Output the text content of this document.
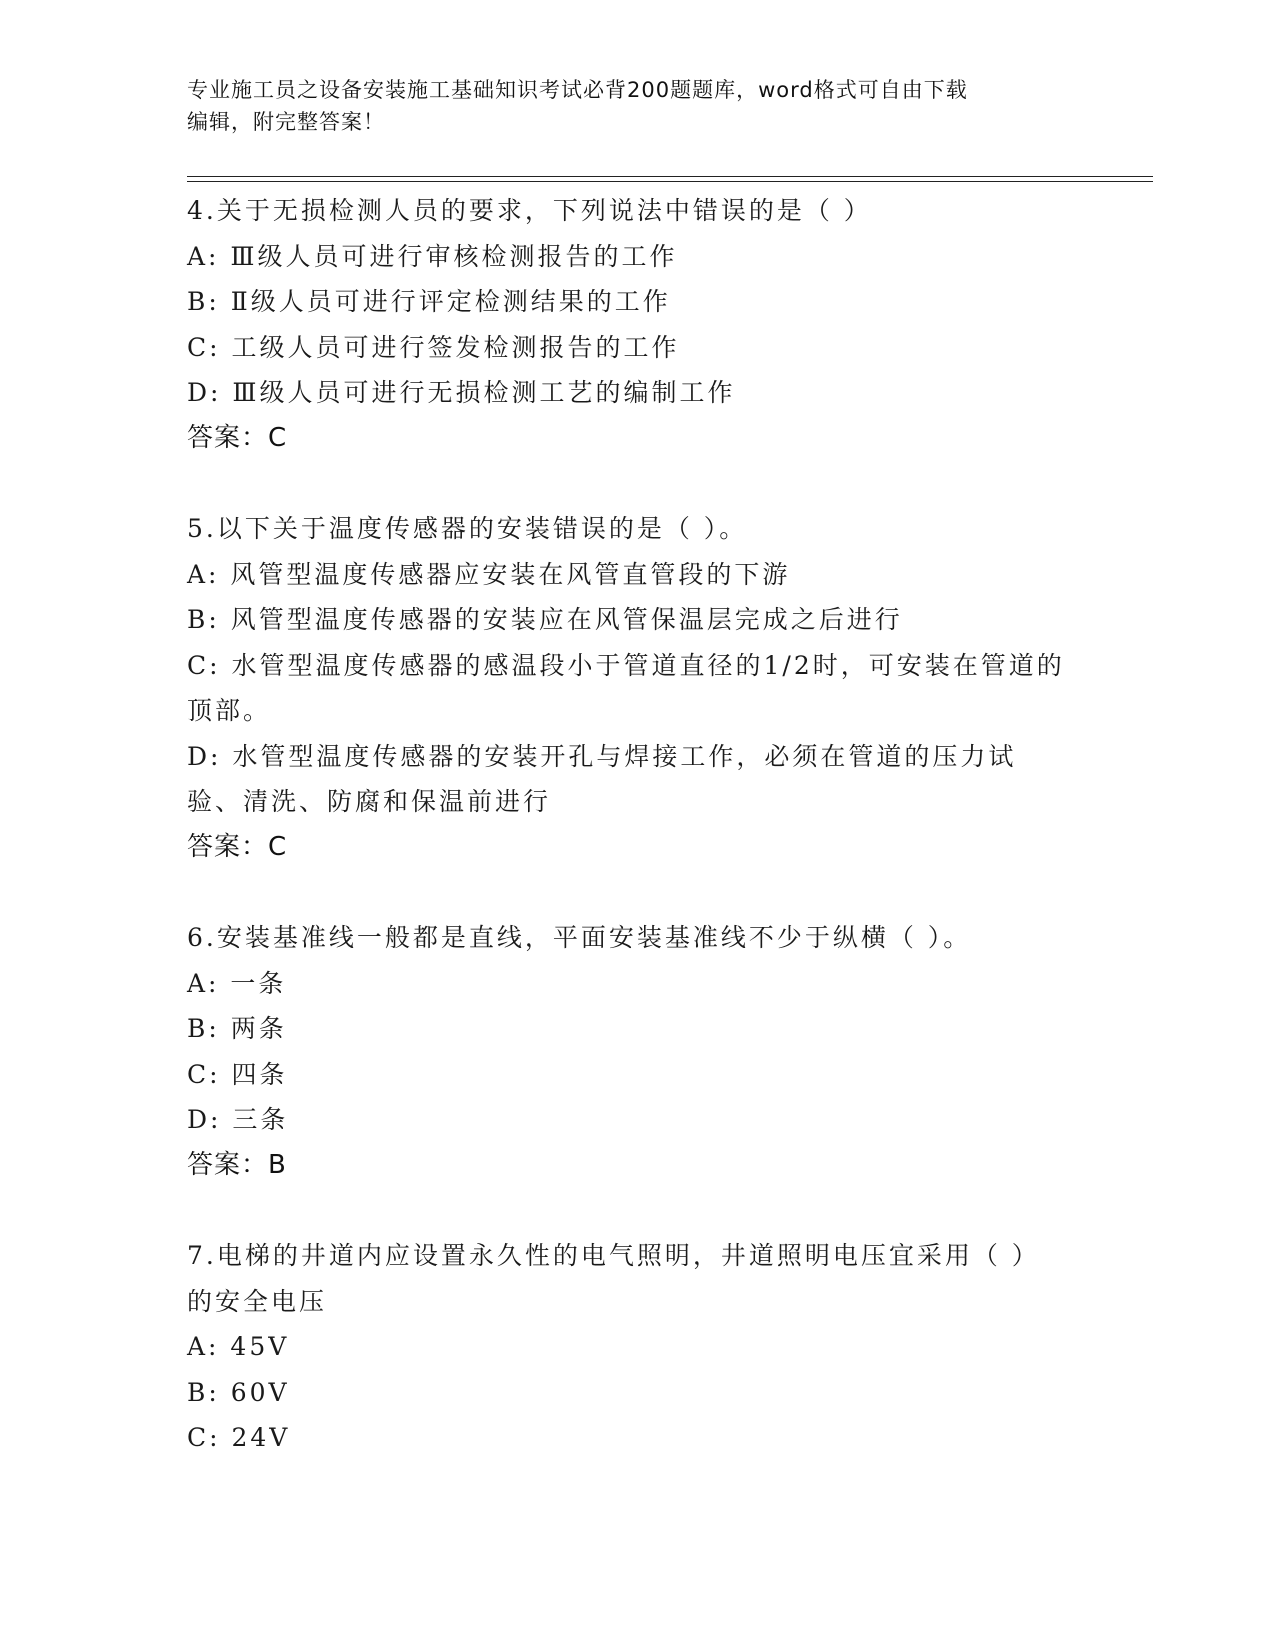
专业施工员之设备安装施工基础知识考试必背200题题库，word格式可自由下载
编辑，附完整答案！
4.关于无损检测人员的要求，下列说法中错误的是（ ）
A: Ⅲ级人员可进行审核检测报告的工作
B: Ⅱ级人员可进行评定检测结果的工作
C: 工级人员可进行签发检测报告的工作
D: Ⅲ级人员可进行无损检测工艺的编制工作
答案：C
5.以下关于温度传感器的安装错误的是（ ）。
A: 风管型温度传感器应安装在风管直管段的下游
B: 风管型温度传感器的安装应在风管保温层完成之后进行
C: 水管型温度传感器的感温段小于管道直径的1/2时，可安装在管道的顶部。
D: 水管型温度传感器的安装开孔与焊接工作，必须在管道的压力试验、清洗、防腐和保温前进行
答案：C
6.安装基准线一般都是直线，平面安装基准线不少于纵横（ ）。
A: 一条
B: 两条
C: 四条
D: 三条
答案：B
7.电梯的井道内应设置永久性的电气照明，井道照明电压宜采用（ ）的安全电压
A: 45V
B: 60V
C: 24V
